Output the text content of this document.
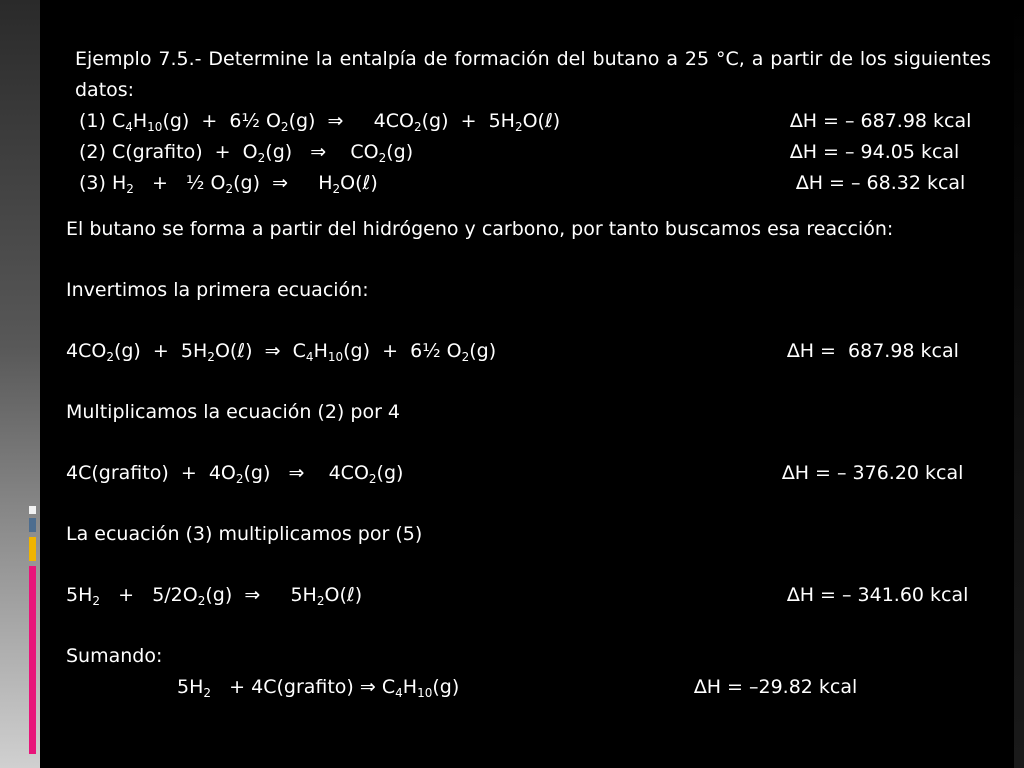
Ejemplo 7.5.- Determine la entalpía de formación del butano a 25 °C, a partir de los siguientes datos:
(1) $C_4H_{10}(g)$  +  6½ $O_2(g)$  ⇒     $4CO_2(g)$  +  $5H_2O(\ell)$	∆H = – 687.98 kcal
(2) C(grafito)  +  $O_2(g)$   ⇒    $CO_2(g)$	∆H = – 94.05 kcal
(3) $H_2$   +   ½ $O_2(g)$  ⇒     $H_2O(\ell)$	∆H = – 68.32 kcal
El butano se forma a partir del hidrógeno y carbono, por tanto buscamos esa reacción:
Invertimos la primera ecuación:
$4CO_2(g)$  +  $5H_2O(\ell)$  ⇒  $C_4H_{10}(g)$  +  6½ $O_2(g)$	∆H =  687.98 kcal
Multiplicamos la ecuación (2) por 4
4C(grafito)  +  $4O_2(g)$   ⇒    $4CO_2(g)$	∆H = – 376.20 kcal
La ecuación (3) multiplicamos por (5)
$5H_2 + 5/2O_2(g)$  ⇒     $5H_2O(\ell)$	∆H = – 341.60 kcal
Sumando:
$5H_2$   + 4C(grafito) ⇒ $C_4H_{10}(g)$	∆H = –29.82 kcal
